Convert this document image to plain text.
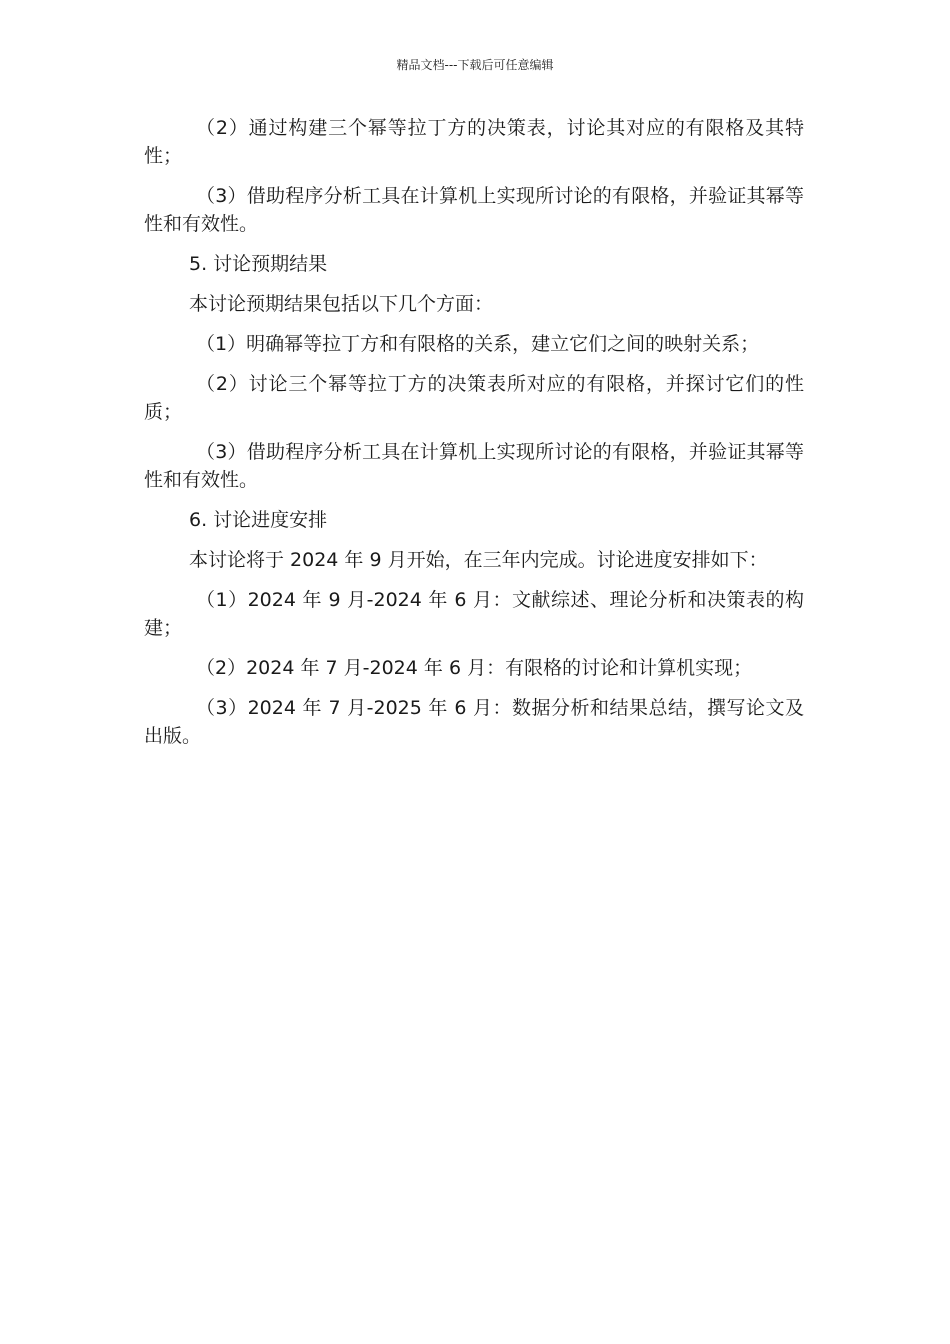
精品文档---下载后可任意编辑

（2）通过构建三个幂等拉丁方的决策表，讨论其对应的有限格及其特性；

（3）借助程序分析工具在计算机上实现所讨论的有限格，并验证其幂等性和有效性。

5. 讨论预期结果

本讨论预期结果包括以下几个方面：

（1）明确幂等拉丁方和有限格的关系，建立它们之间的映射关系；

（2）讨论三个幂等拉丁方的决策表所对应的有限格，并探讨它们的性质；

（3）借助程序分析工具在计算机上实现所讨论的有限格，并验证其幂等性和有效性。

6. 讨论进度安排

本讨论将于 2024 年 9 月开始，在三年内完成。讨论进度安排如下：

（1）2024 年 9 月-2024 年 6 月：文献综述、理论分析和决策表的构建；

（2）2024 年 7 月-2024 年 6 月：有限格的讨论和计算机实现；

（3）2024 年 7 月-2025 年 6 月：数据分析和结果总结，撰写论文及出版。
